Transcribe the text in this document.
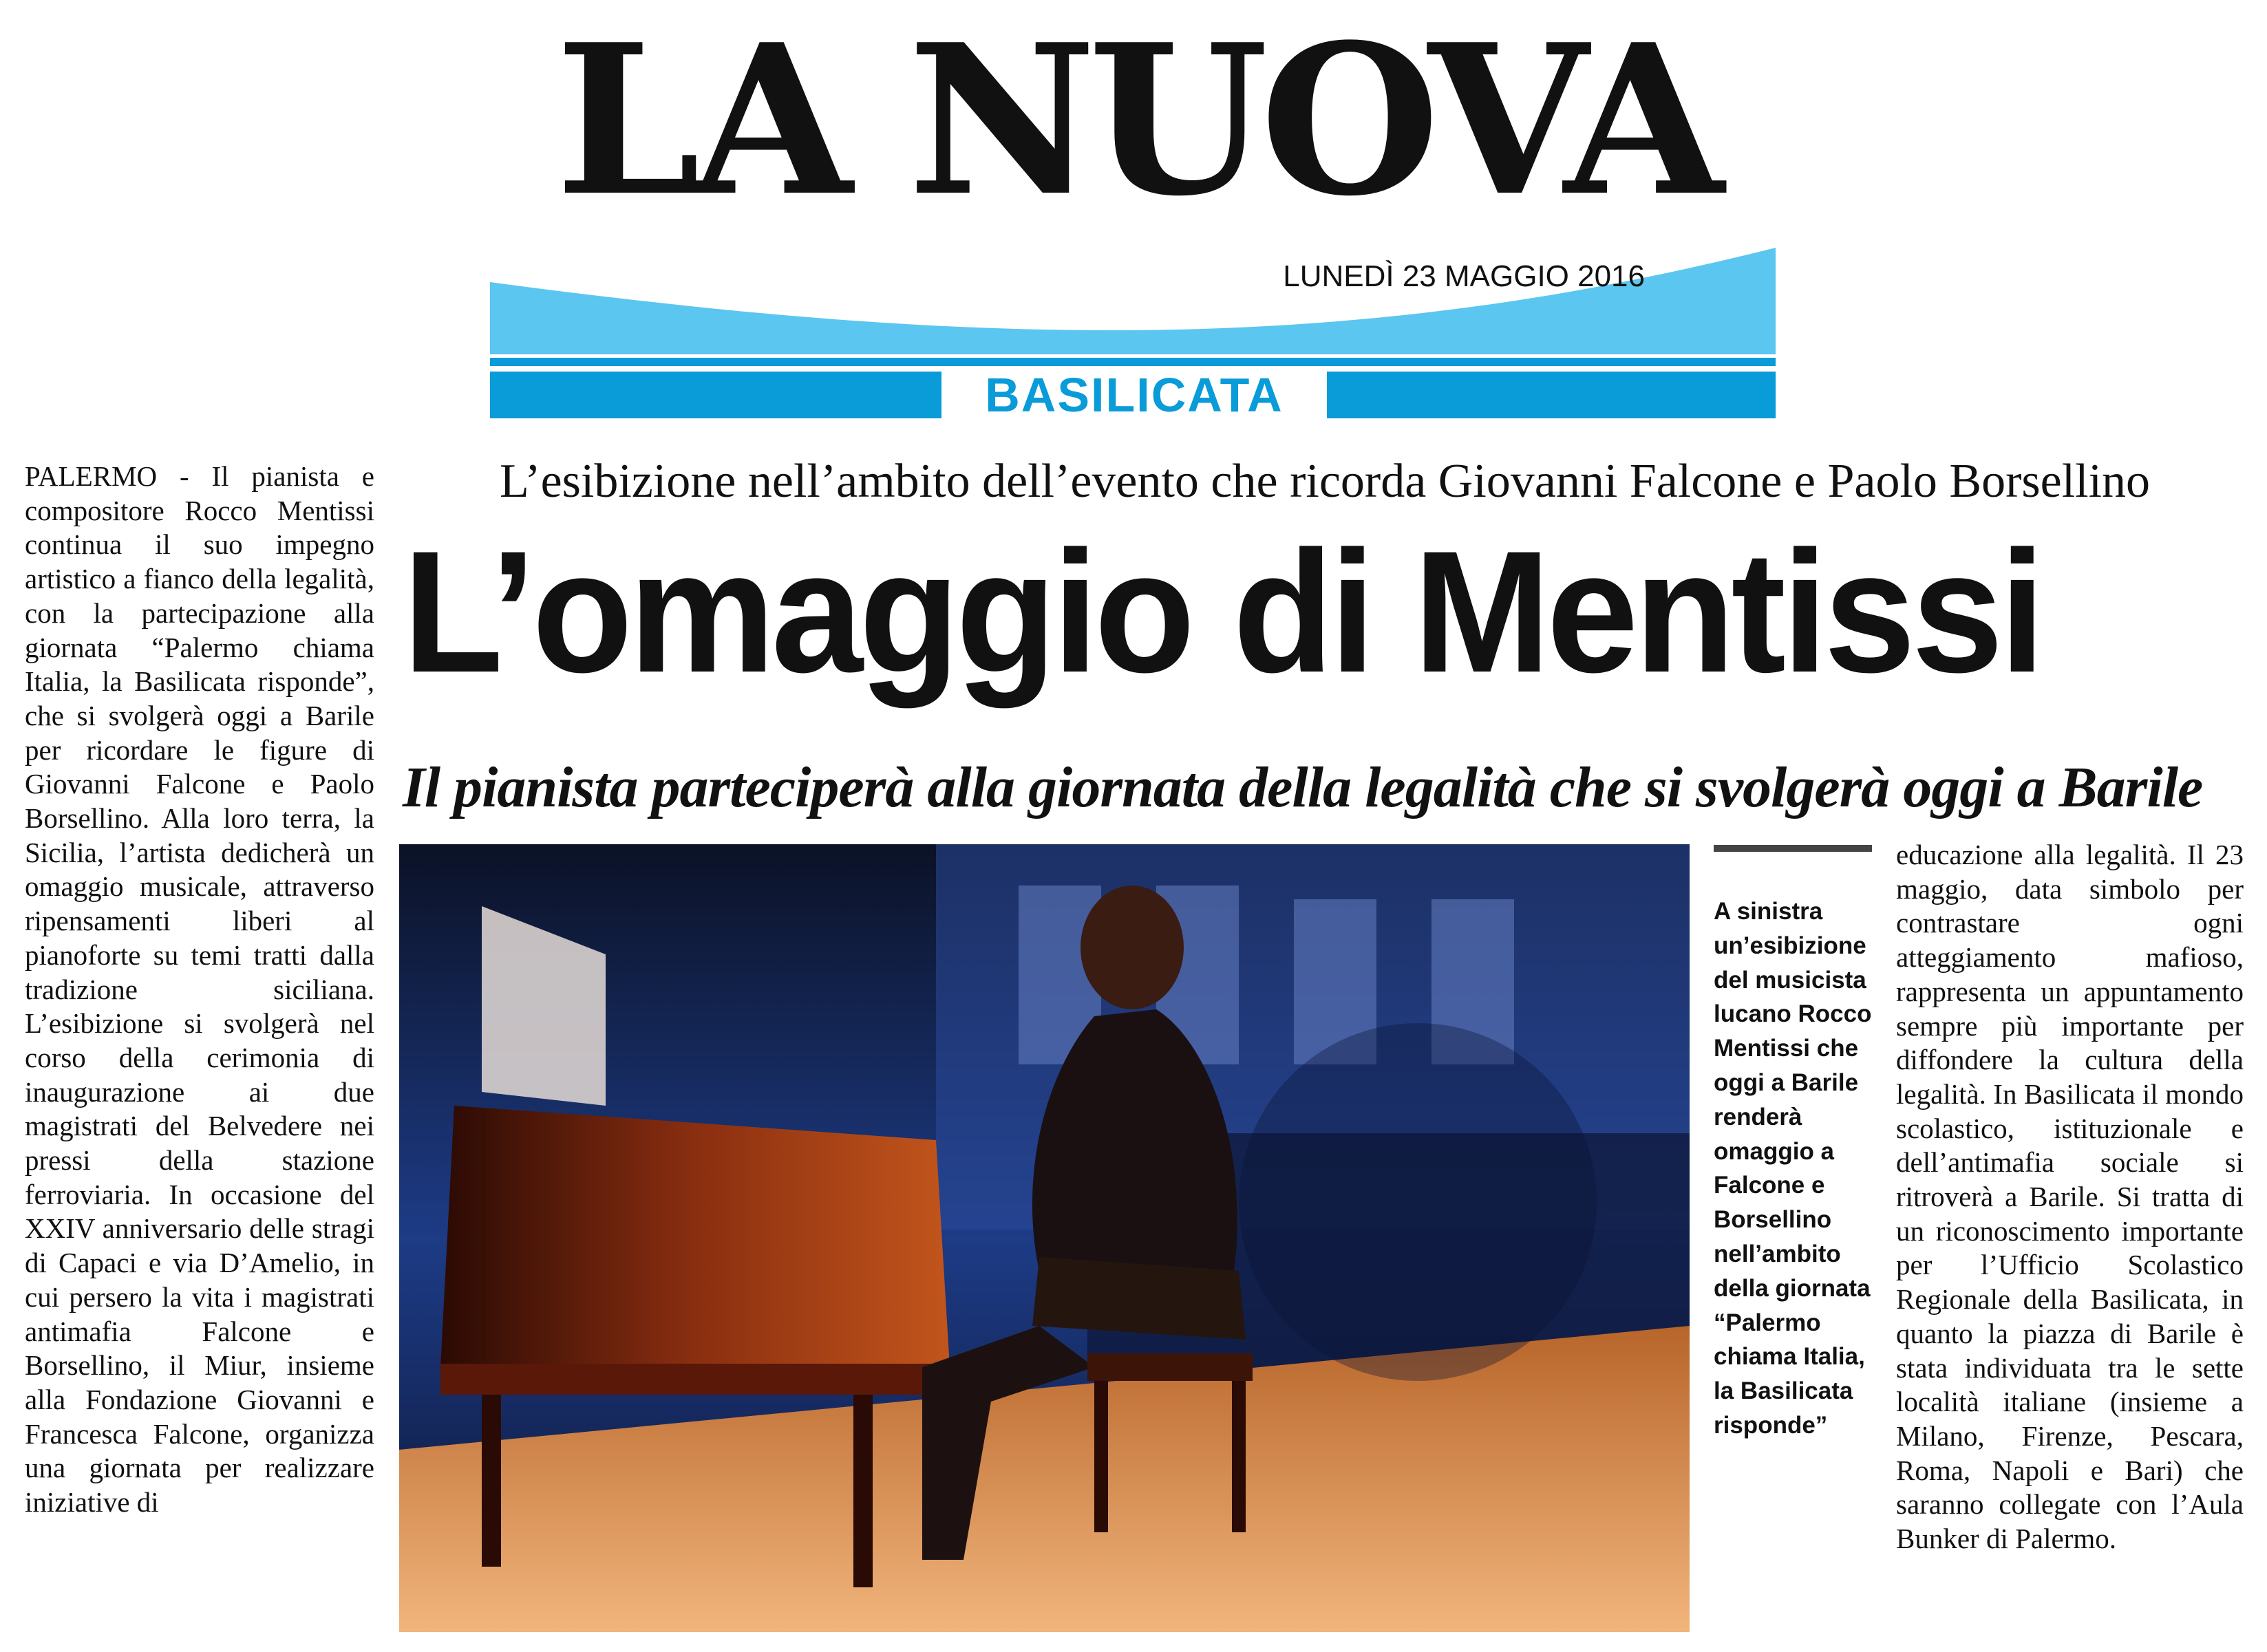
LA NUOVA
LUNEDÌ 23 MAGGIO 2016
BASILICATA
L’esibizione nell’ambito dell’evento che ricorda Giovanni Falcone e Paolo Borsellino
L’omaggio di Mentissi
Il pianista parteciperà alla giornata della legalità che si svolgerà oggi a Barile
PALERMO - Il pianista e compositore Rocco Mentissi continua il suo impegno artistico a fianco della legalità, con la partecipazione alla giornata “Palermo chiama Italia, la Basilicata risponde”, che si svolgerà oggi a Barile per ricordare le figure di Giovanni Falcone e Paolo Borsellino. Alla loro terra, la Sicilia, l’artista dedicherà un omaggio musicale, attraverso ripensamenti liberi al pianoforte su temi tratti dalla tradizione siciliana. L’esibizione si svolgerà nel corso della cerimonia di inaugurazione ai due magistrati del Belvedere nei pressi della stazione ferroviaria. In occasione del XXIV anniversario delle stragi di Capaci e via D’Amelio, in cui persero la vita i magistrati antimafia Falcone e Borsellino, il Miur, insieme alla Fondazione Giovanni e Francesca Falcone, organizza una giornata per realizzare iniziative di
A sinistra un’esibizione del musicista lucano Rocco Mentissi che oggi a Barile renderà omaggio a Falcone e Borsellino nell’ambito della giornata “Palermo chiama Italia, la Basilicata risponde”
educazione alla legalità. Il 23 maggio, data simbolo per contrastare ogni atteggiamento mafioso, rappresenta un appuntamento sempre più importante per diffondere la cultura della legalità. In Basilicata il mondo scolastico, istituzionale e dell’antimafia sociale si ritroverà a Barile. Si tratta di un riconoscimento importante per l’Ufficio Scolastico Regionale della Basilicata, in quanto la piazza di Barile è stata individuata tra le sette località italiane (insieme a Milano, Firenze, Pescara, Roma, Napoli e Bari) che saranno collegate con l’Aula Bunker di Palermo.
